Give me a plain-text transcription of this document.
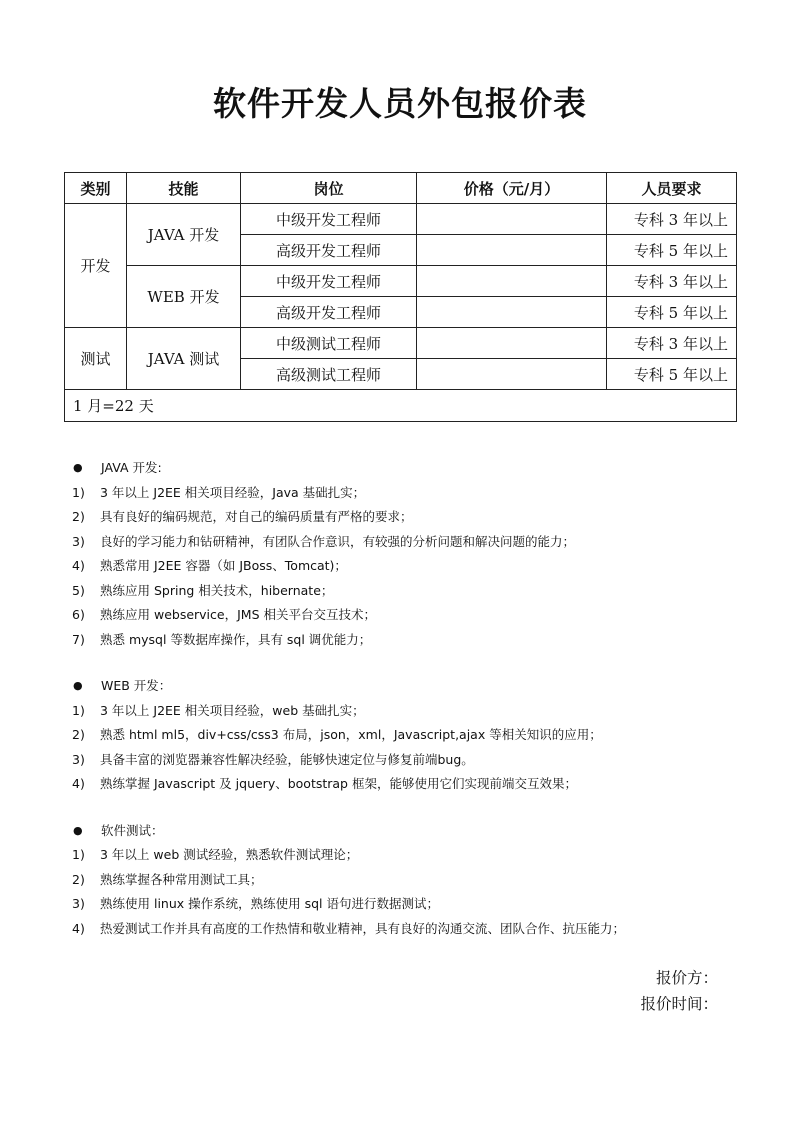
软件开发人员外包报价表
类别	技能	岗位	价格（元/月）	人员要求
开发	JAVA 开发	中级开发工程师		专科 3 年以上
		高级开发工程师		专科 5 年以上
	WEB 开发	中级开发工程师		专科 3 年以上
		高级开发工程师		专科 5 年以上
测试	JAVA 测试	中级测试工程师		专科 3 年以上
		高级测试工程师		专科 5 年以上
1 月=22 天				
●	JAVA 开发:
1)	3 年以上 J2EE 相关项目经验，Java 基础扎实；
2)	具有良好的编码规范，对自己的编码质量有严格的要求；
3)	良好的学习能力和钻研精神，有团队合作意识，有较强的分析问题和解决问题的能力；
4)	熟悉常用 J2EE 容器（如 JBoss、Tomcat)；
5)	熟练应用 Spring 相关技术，hibernate；
6)	熟练应用 webservice，JMS 相关平台交互技术；
7)	熟悉 mysql 等数据库操作，具有 sql 调优能力；
●	WEB 开发：
1)	3 年以上 J2EE 相关项目经验，web 基础扎实；
2)	熟悉 html ml5，div+css/css3 布局，json，xml，Javascript,ajax 等相关知识的应用；
3)	具备丰富的浏览器兼容性解决经验，能够快速定位与修复前端bug。
4)	熟练掌握 Javascript 及 jquery、bootstrap 框架，能够使用它们实现前端交互效果；
●	软件测试：
1)	3 年以上 web 测试经验，熟悉软件测试理论；
2)	熟练掌握各种常用测试工具；
3)	熟练使用 linux 操作系统，熟练使用 sql 语句进行数据测试；
4)	热爱测试工作并具有高度的工作热情和敬业精神，具有良好的沟通交流、团队合作、抗压能力；
报价方：
报价时间：
